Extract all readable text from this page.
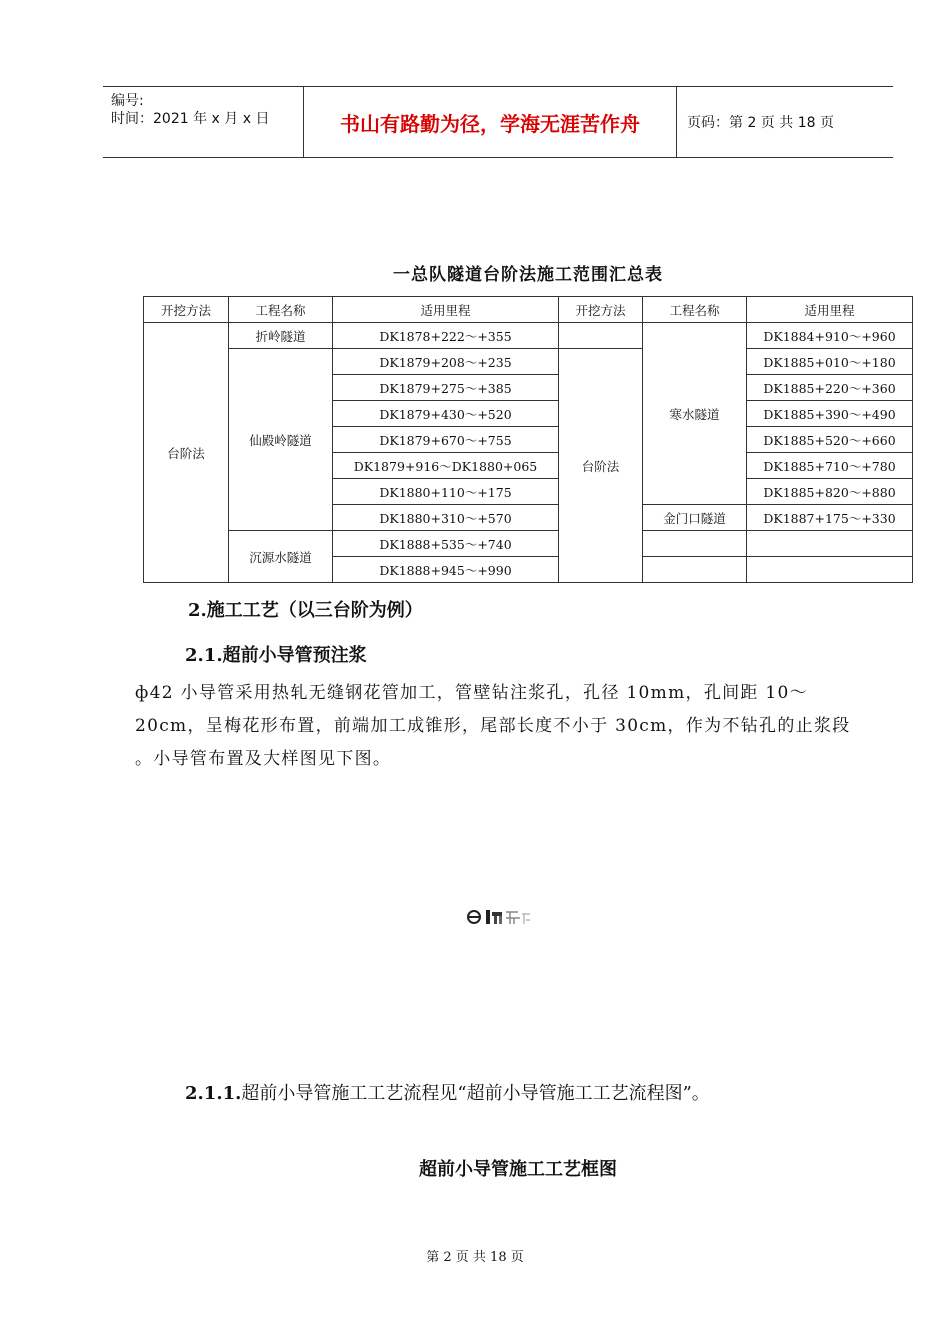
编号:
时间：2021 年 x 月 x 日	书山有路勤为径，学海无涯苦作舟	页码：第 2 页 共 18 页
一总队隧道台阶法施工范围汇总表
开挖方法	工程名称	适用里程	开挖方法	工程名称	适用里程
台阶法	折岭隧道	DK1878+222～+355		寒水隧道	DK1884+910～+960
	仙殿岭隧道	DK1879+208～+235	台阶法		DK1885+010～+180
		DK1879+275～+385			DK1885+220～+360
		DK1879+430～+520			DK1885+390～+490
		DK1879+670～+755			DK1885+520～+660
		DK1879+916～DK1880+065			DK1885+710～+780
		DK1880+110～+175			DK1885+820～+880
		DK1880+310～+570		金门口隧道	DK1887+175～+330
	沉源水隧道	DK1888+535～+740			
		DK1888+945～+990			
2.施工工艺（以三台阶为例）
2.1.超前小导管预注浆
ф42 小导管采用热轧无缝钢花管加工，管壁钻注浆孔，孔径 10mm，孔间距 10～20cm，呈梅花形布置，前端加工成锥形，尾部长度不小于 30cm，作为不钻孔的止浆段 。小导管布置及大样图见下图。
2.1.1.超前小导管施工工艺流程见“超前小导管施工工艺流程图”。
超前小导管施工工艺框图
第 2 页 共 18 页
